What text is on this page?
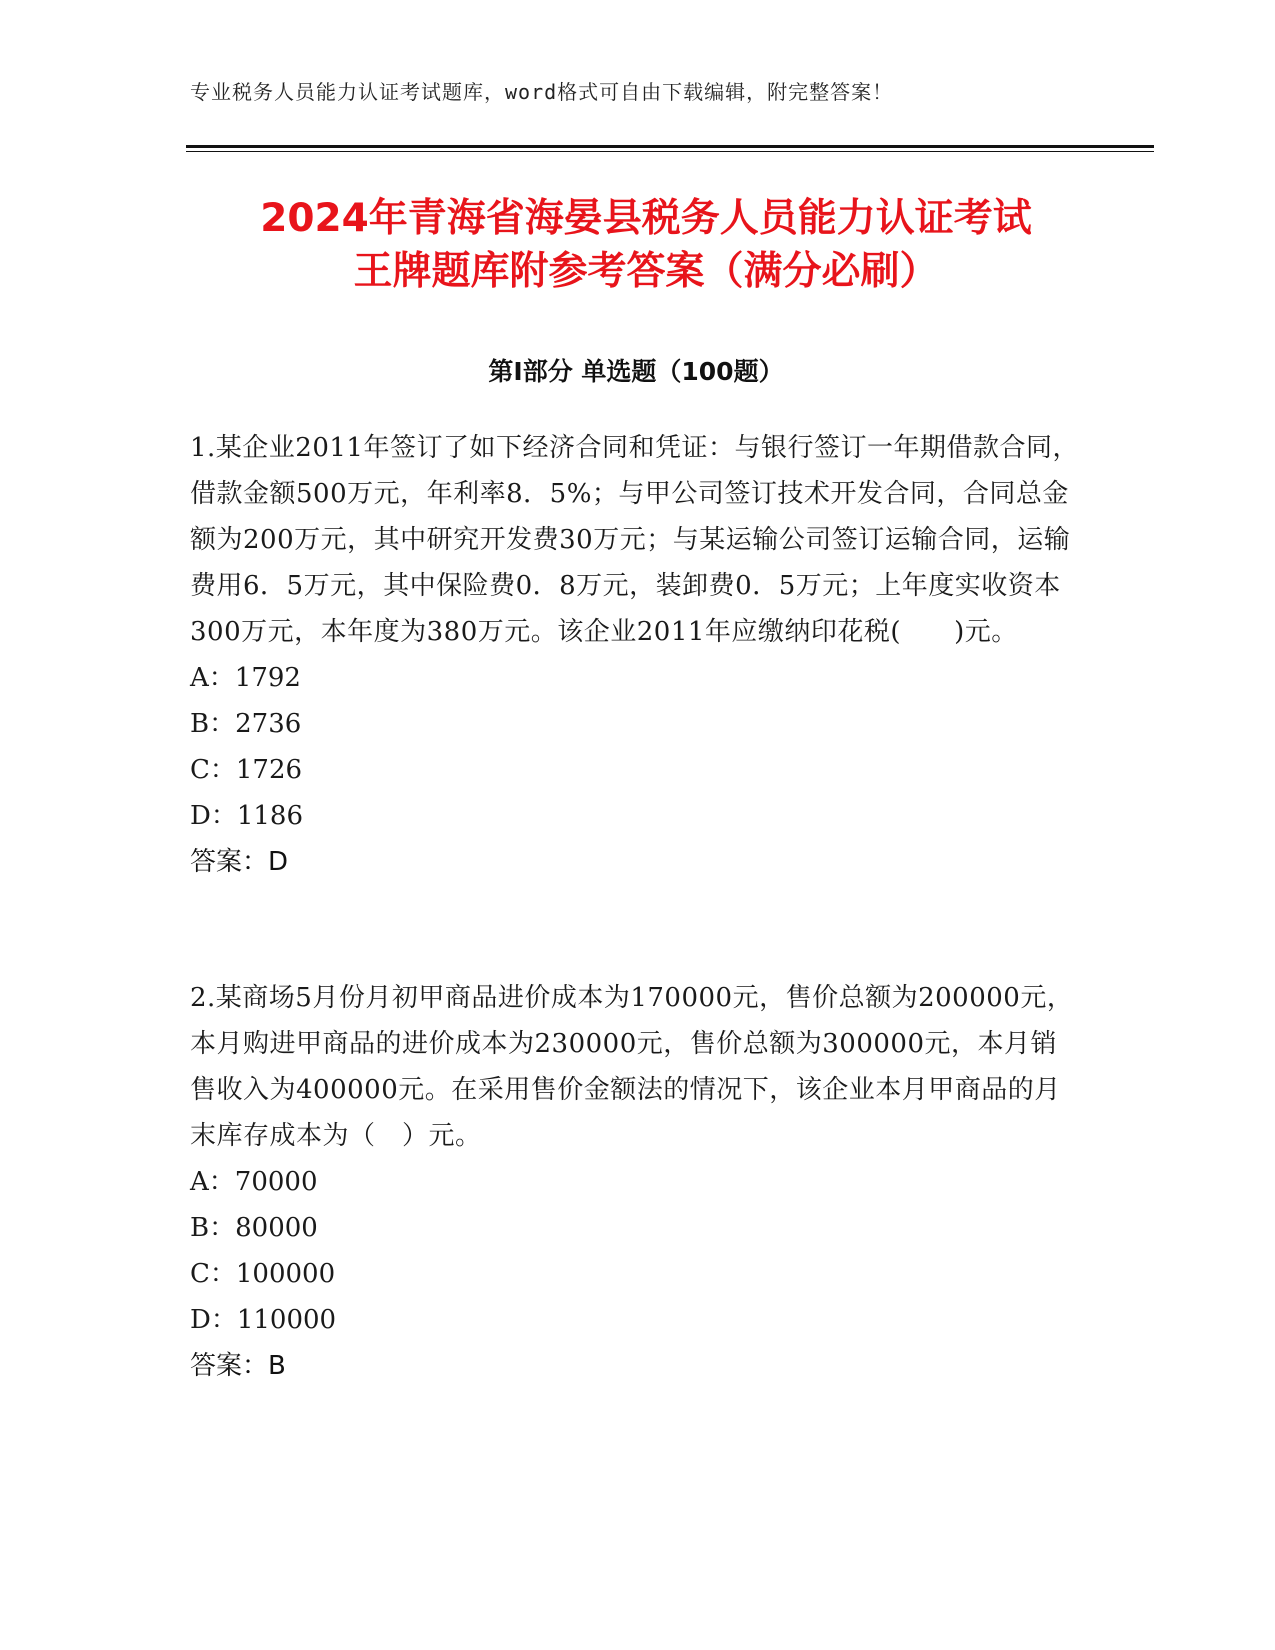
专业税务人员能力认证考试题库，word格式可自由下载编辑，附完整答案！
2024年青海省海晏县税务人员能力认证考试
王牌题库附参考答案（满分必刷）
第Ⅰ部分 单选题（100题）

1.某企业2011年签订了如下经济合同和凭证：与银行签订一年期借款合同，借款金额500万元，年利率8．5%；与甲公司签订技术开发合同，合同总金额为200万元，其中研究开发费30万元；与某运输公司签订运输合同，运输费用6．5万元，其中保险费0．8万元，装卸费0．5万元；上年度实收资本300万元，本年度为380万元。该企业2011年应缴纳印花税(　　)元。

A：1792

B：2736

C：1726

D：1186

答案：D

2.某商场5月份月初甲商品进价成本为170000元，售价总额为200000元，本月购进甲商品的进价成本为230000元，售价总额为300000元，本月销售收入为400000元。在采用售价金额法的情况下，该企业本月甲商品的月末库存成本为（　）元。

A：70000

B：80000

C：100000

D：110000

答案：B
